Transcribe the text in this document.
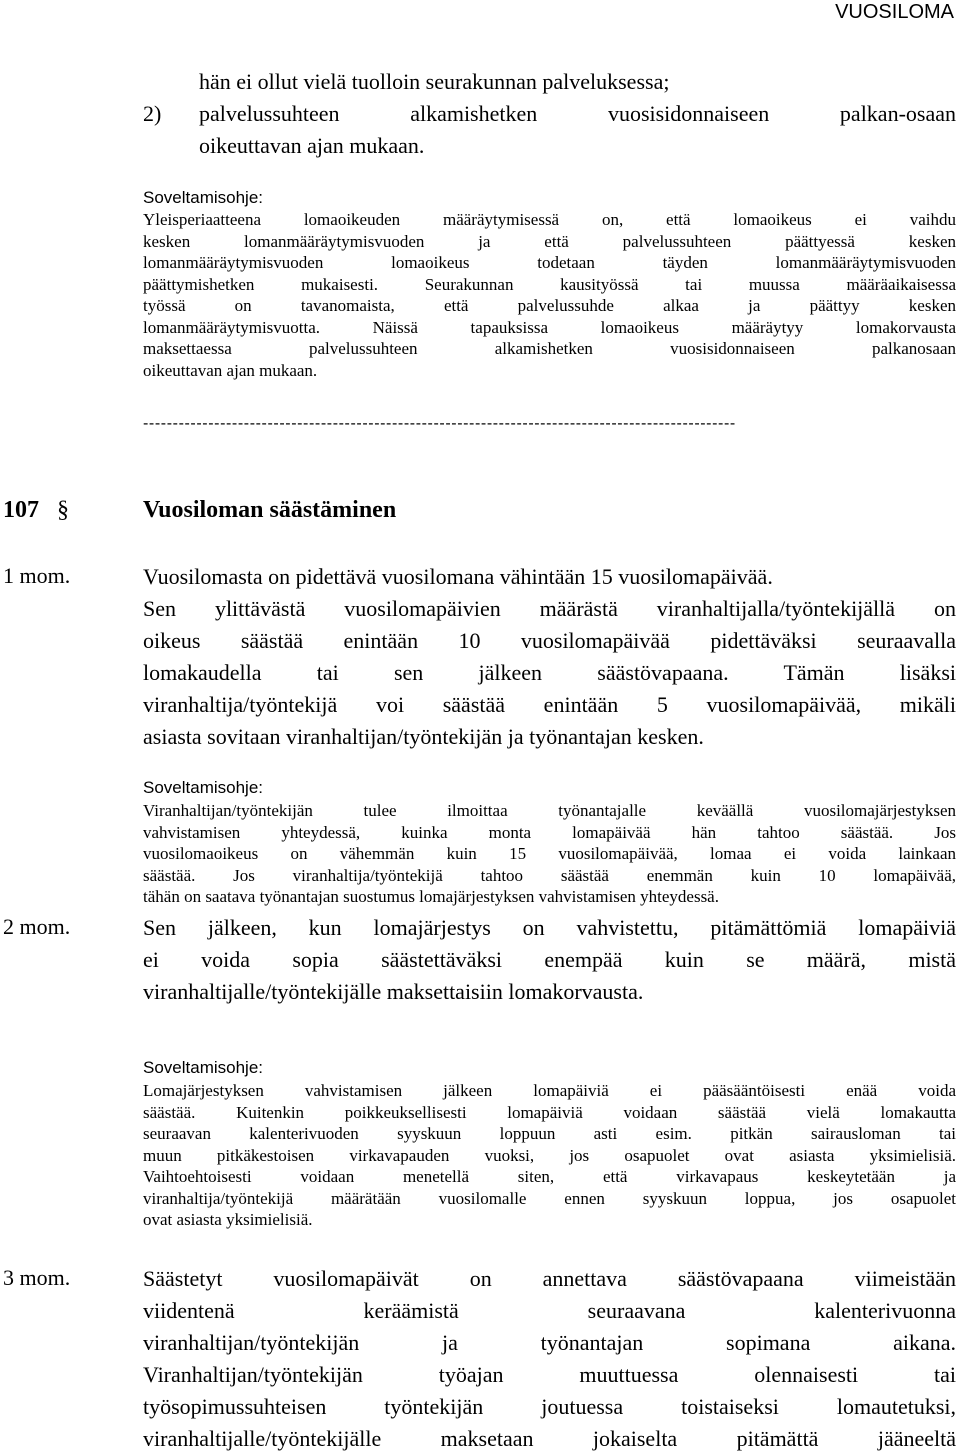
VUOSILOMA
hän ei ollut vielä tuolloin seurakunnan palveluksessa;
2) palvelussuhteen alkamishetken vuosisidonnaiseen palkan-osaan
oikeuttavan ajan mukaan.
Soveltamisohje:
Yleisperiaatteena lomaoikeuden määräytymisessä on, että lomaoikeus ei vaihdu
kesken lomanmääräytymisvuoden ja että palvelussuhteen päättyessä kesken
lomanmääräytymisvuoden lomaoikeus todetaan täyden lomanmääräytymisvuoden
päättymishetken mukaisesti. Seurakunnan kausityössä tai muussa määräaikaisessa
työssä on tavanomaista, että palvelussuhde alkaa ja päättyy kesken
lomanmääräytymisvuotta. Näissä tapauksissa lomaoikeus määräytyy lomakorvausta
maksettaessa palvelussuhteen alkamishetken vuosisidonnaiseen palkanosaan
oikeuttavan ajan mukaan.
----------------------------------------------------------------------------------------------------
107 §	Vuosiloman säästäminen
1 mom.	Vuosilomasta on pidettävä vuosilomana vähintään 15 vuosilomapäivää.
Sen ylittävästä vuosilomapäivien määrästä viranhaltijalla/työntekijällä on
oikeus säästää enintään 10 vuosilomapäivää pidettäväksi seuraavalla
lomakaudella tai sen jälkeen säästövapaana. Tämän lisäksi
viranhaltija/työntekijä voi säästää enintään 5 vuosilomapäivää, mikäli
asiasta sovitaan viranhaltijan/työntekijän ja työnantajan kesken.
Soveltamisohje:
Viranhaltijan/työntekijän tulee ilmoittaa työnantajalle keväällä vuosilomajärjestyksen
vahvistamisen yhteydessä, kuinka monta lomapäivää hän tahtoo säästää. Jos
vuosilomaoikeus on vähemmän kuin 15 vuosilomapäivää, lomaa ei voida lainkaan
säästää. Jos viranhaltija/työntekijä tahtoo säästää enemmän kuin 10 lomapäivää,
tähän on saatava työnantajan suostumus lomajärjestyksen vahvistamisen yhteydessä.
2 mom.	Sen jälkeen, kun lomajärjestys on vahvistettu, pitämättömiä lomapäiviä
ei voida sopia säästettäväksi enempää kuin se määrä, mistä
viranhaltijalle/työntekijälle maksettaisiin lomakorvausta.
Soveltamisohje:
Lomajärjestyksen vahvistamisen jälkeen lomapäiviä ei pääsääntöisesti enää voida
säästää. Kuitenkin poikkeuksellisesti lomapäiviä voidaan säästää vielä lomakautta
seuraavan kalenterivuoden syyskuun loppuun asti esim. pitkän sairausloman tai
muun pitkäkestoisen virkavapauden vuoksi, jos osapuolet ovat asiasta yksimielisiä.
Vaihtoehtoisesti voidaan menetellä siten, että virkavapaus keskeytetään ja
viranhaltija/työntekijä määrätään vuosilomalle ennen syyskuun loppua, jos osapuolet
ovat asiasta yksimielisiä.
3 mom.	Säästetyt vuosilomapäivät on annettava säästövapaana viimeistään
viidentenä keräämistä seuraavana kalenterivuonna
viranhaltijan/työntekijän ja työnantajan sopimana aikana.
Viranhaltijan/työntekijän työajan muuttuessa olennaisesti tai
työsopimussuhteisen työntekijän joutuessa toistaiseksi lomautetuksi,
viranhaltijalle/työntekijälle maksetaan jokaiselta pitämättä jääneeltä
